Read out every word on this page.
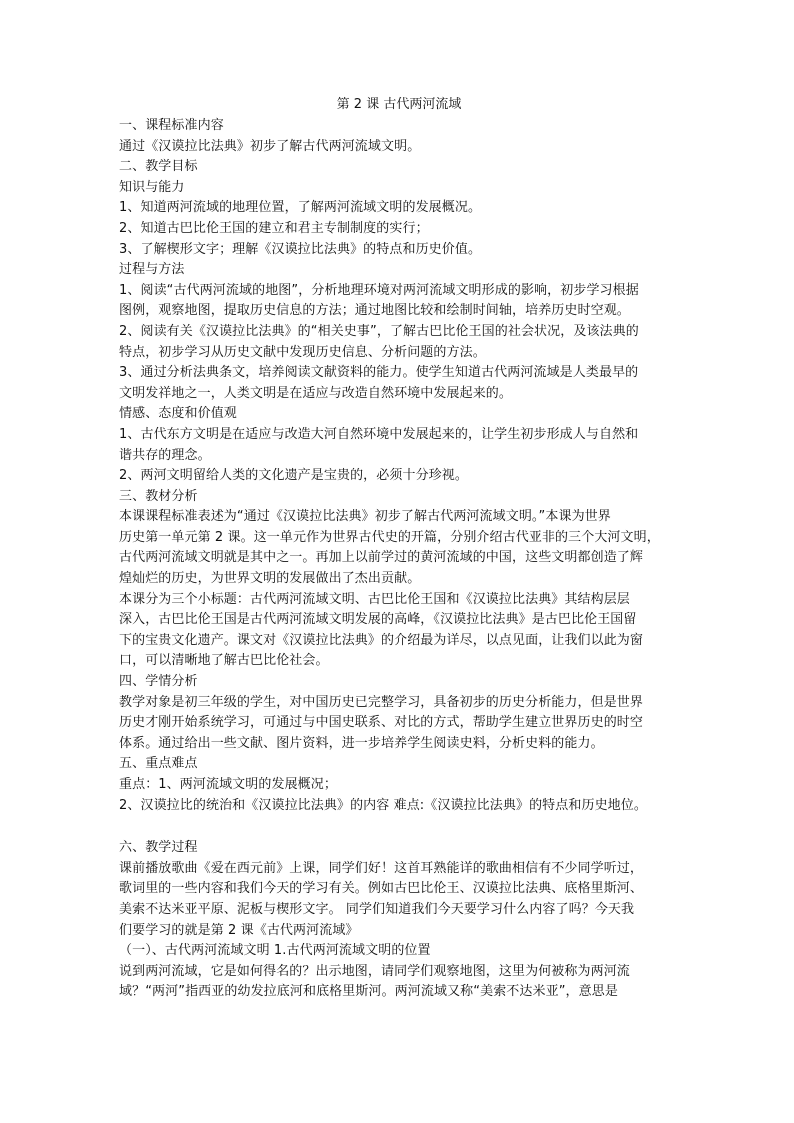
第 2 课 古代两河流域

一、课程标准内容

通过《汉谟拉比法典》初步了解古代两河流域文明。

二、教学目标

知识与能力

1、知道两河流域的地理位置，了解两河流域文明的发展概况。

2、知道古巴比伦王国的建立和君主专制制度的实行；

3、了解楔形文字；理解《汉谟拉比法典》的特点和历史价值。

过程与方法

1、阅读“古代两河流域的地图”，分析地理环境对两河流域文明形成的影响，初步学习根据

图例，观察地图，提取历史信息的方法；通过地图比较和绘制时间轴，培养历史时空观。

2、阅读有关《汉谟拉比法典》的“相关史事”，了解古巴比伦王国的社会状况，及该法典的

特点，初步学习从历史文献中发现历史信息、分析问题的方法。

3、通过分析法典条文，培养阅读文献资料的能力。使学生知道古代两河流域是人类最早的

文明发祥地之一，人类文明是在适应与改造自然环境中发展起来的。

情感、态度和价值观

1、古代东方文明是在适应与改造大河自然环境中发展起来的，让学生初步形成人与自然和

谐共存的理念。

2、两河文明留给人类的文化遗产是宝贵的，必须十分珍视。

三、教材分析

本课课程标准表述为“通过《汉谟拉比法典》初步了解古代两河流域文明。”本课为世界

历史第一单元第 2 课。这一单元作为世界古代史的开篇，分别介绍古代亚非的三个大河文明，

古代两河流域文明就是其中之一。再加上以前学过的黄河流域的中国，这些文明都创造了辉

煌灿烂的历史，为世界文明的发展做出了杰出贡献。

本课分为三个小标题：古代两河流域文明、古巴比伦王国和《汉谟拉比法典》其结构层层

深入，古巴比伦王国是古代两河流域文明发展的高峰，《汉谟拉比法典》是古巴比伦王国留

下的宝贵文化遗产。课文对《汉谟拉比法典》的介绍最为详尽，以点见面，让我们以此为窗

口，可以清晰地了解古巴比伦社会。

四、学情分析

教学对象是初三年级的学生，对中国历史已完整学习，具备初步的历史分析能力，但是世界

历史才刚开始系统学习，可通过与中国史联系、对比的方式，帮助学生建立世界历史的时空

体系。通过给出一些文献、图片资料，进一步培养学生阅读史料，分析史料的能力。

五、重点难点

重点：1、两河流域文明的发展概况；

2、汉谟拉比的统治和《汉谟拉比法典》的内容 难点:《汉谟拉比法典》的特点和历史地位。

六、教学过程

课前播放歌曲《爱在西元前》上课，同学们好！这首耳熟能详的歌曲相信有不少同学听过，

歌词里的一些内容和我们今天的学习有关。例如古巴比伦王、汉谟拉比法典、底格里斯河、

美索不达米亚平原、泥板与楔形文字。 同学们知道我们今天要学习什么内容了吗？今天我

们要学习的就是第 2 课《古代两河流域》

（一）、古代两河流域文明 1.古代两河流域文明的位置

说到两河流域，它是如何得名的？出示地图，请同学们观察地图，这里为何被称为两河流

域？“两河”指西亚的幼发拉底河和底格里斯河。两河流域又称“美索不达米亚”，意思是
